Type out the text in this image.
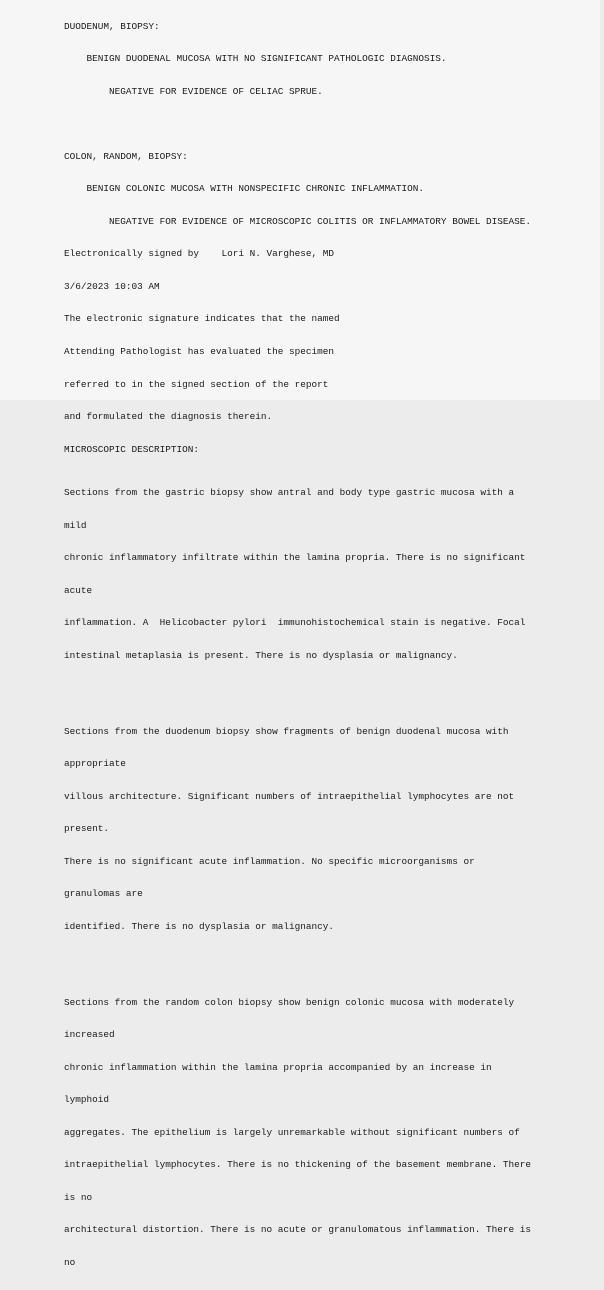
DUODENUM, BIOPSY:

BENIGN DUODENAL MUCOSA WITH NO SIGNIFICANT PATHOLOGIC DIAGNOSIS.

NEGATIVE FOR EVIDENCE OF CELIAC SPRUE.

COLON, RANDOM, BIOPSY:

BENIGN COLONIC MUCOSA WITH NONSPECIFIC CHRONIC INFLAMMATION.

NEGATIVE FOR EVIDENCE OF MICROSCOPIC COLITIS OR INFLAMMATORY BOWEL DISEASE.

Electronically signed by    Lori N. Varghese, MD

3/6/2023 10:03 AM

The electronic signature indicates that the named

Attending Pathologist has evaluated the specimen

referred to in the signed section of the report

and formulated the diagnosis therein.

MICROSCOPIC DESCRIPTION:

Sections from the gastric biopsy show antral and body type gastric mucosa with a

mild

chronic inflammatory infiltrate within the lamina propria. There is no significant

acute

inflammation. A  Helicobacter pylori  immunohistochemical stain is negative. Focal

intestinal metaplasia is present. There is no dysplasia or malignancy.

Sections from the duodenum biopsy show fragments of benign duodenal mucosa with

appropriate

villous architecture. Significant numbers of intraepithelial lymphocytes are not

present.

There is no significant acute inflammation. No specific microorganisms or

granulomas are

identified. There is no dysplasia or malignancy.

Sections from the random colon biopsy show benign colonic mucosa with moderately

increased

chronic inflammation within the lamina propria accompanied by an increase in

lymphoid

aggregates. The epithelium is largely unremarkable without significant numbers of

intraepithelial lymphocytes. There is no thickening of the basement membrane. There

is no

architectural distortion. There is no acute or granulomatous inflammation. There is

no
